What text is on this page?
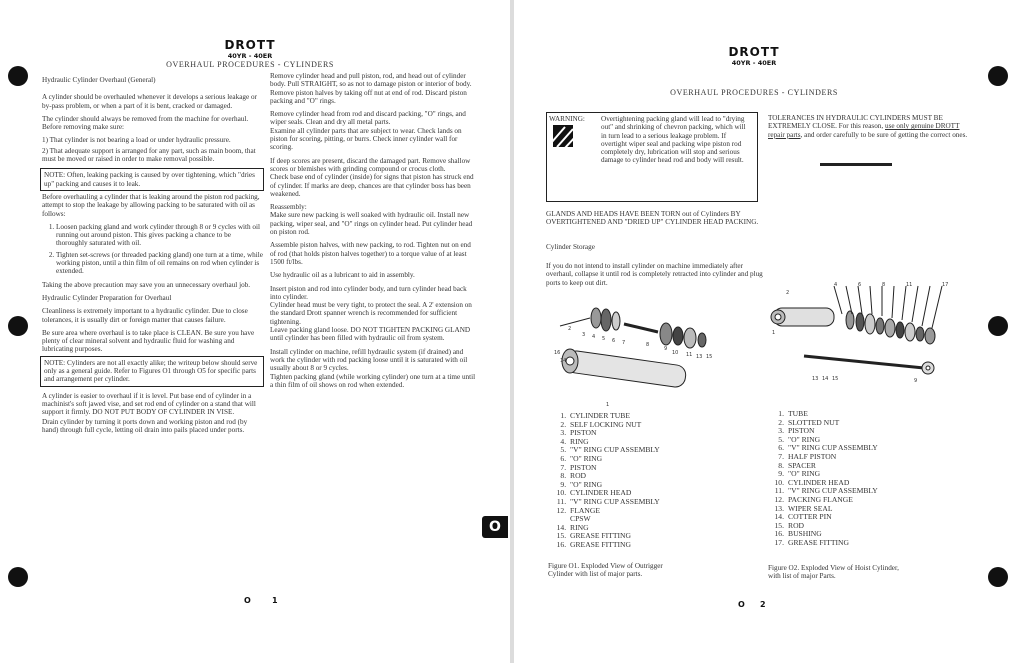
DROTT
40YR - 40ER
OVERHAUL PROCEDURES - CYLINDERS

Hydraulic Cylinder Overhaul (General)

A cylinder should be overhauled whenever it develops a serious leakage or by-pass problem, or when a part of it is bent, cracked or damaged.

The cylinder should always be removed from the machine for overhaul. Before removing make sure:

1) That cylinder is not bearing a load or under hydraulic pressure.

2) That adequate support is arranged for any part, such as main boom, that must be moved or raised in order to make removal possible.

NOTE: Often, leaking packing is caused by over tightening, which "dries up" packing and causes it to leak.

Before overhauling a cylinder that is leaking around the piston rod packing, attempt to stop the leakage by allowing packing to be saturated with oil as follows:

1. Loosen packing gland and work cylinder through 8 or 9 cycles with oil running out around piston. This gives packing a chance to be thoroughly saturated with oil.
2. Tighten set-screws (or threaded packing gland) one turn at a time, while working piston, until a thin film of oil remains on rod when cylinder is extended.

Taking the above precaution may save you an unnecessary overhaul job.

Hydraulic Cylinder Preparation for Overhaul

Cleanliness is extremely important to a hydraulic cylinder. Due to close tolerances, it is usually dirt or foreign matter that causes failure.

Be sure area where overhaul is to take place is CLEAN. Be sure you have plenty of clear mineral solvent and hydraulic fluid for washing and lubricating purposes.

NOTE: Cylinders are not all exactly alike; the writeup below should serve only as a general guide. Refer to Figures O1 through O5 for specific parts and arrangement per cylinder.

A cylinder is easier to overhaul if it is level. Put base end of cylinder in a machinist's soft jawed vise, and set rod end of cylinder on a stand that will support it firmly. DO NOT PUT BODY OF CYLINDER IN VISE.

Drain cylinder by turning it ports down and working piston and rod (by hand) through full cycle, letting oil drain into pails placed under ports.

Remove cylinder head and pull piston, rod, and head out of cylinder body. Pull STRAIGHT, so as not to damage piston or interior of body.

Remove piston halves by taking off nut at end of rod. Discard piston packing and "O" rings.

Remove cylinder head from rod and discard packing, "O" rings, and wiper seals. Clean and dry all metal parts.

Examine all cylinder parts that are subject to wear. Check lands on piston for scoring, pitting, or burrs. Check inner cylinder wall for scoring.

If deep scores are present, discard the damaged part. Remove shallow scores or blemishes with grinding compound or crocus cloth.

Check base end of cylinder (inside) for signs that piston has struck end of cylinder. If marks are deep, chances are that cylinder boss has been weakened.

Reassembly:

Make sure new packing is well soaked with hydraulic oil. Install new packing, wiper seal, and "O" rings on cylinder head. Put cylinder head on piston rod.

Assemble piston halves, with new packing, to rod. Tighten nut on end of rod (that holds piston halves together) to a torque value of at least 1500 ft/lbs.

Use hydraulic oil as a lubricant to aid in assembly.

Insert piston and rod into cylinder body, and turn cylinder head back into cylinder.

Cylinder head must be very tight, to protect the seal. A 2' extension on the standard Drott spanner wrench is recommended for sufficient tightening.

Leave packing gland loose. DO NOT TIGHTEN PACKING GLAND until cylinder has been filled with hydraulic oil from system.

Install cylinder on machine, refill hydraulic system (if drained) and work the cylinder with rod packing loose until it is saturated with oil usually about 8 or 9 cycles.

Tighten packing gland (while working cylinder) one turn at a time until a thin film of oil shows on rod when extended.

O
O	1
DROTT
40YR - 40ER
OVERHAUL PROCEDURES - CYLINDERS
WARNING: Overtightening packing gland will lead to "drying out" and shrinking of chevron packing, which will in turn lead to a serious leakage problem. If overtight wiper seal and packing wipe piston rod completely dry, lubrication will stop and serious damage to cylinder head rod and body will result.
TOLERANCES IN HYDRAULIC CYLINDERS MUST BE EXTREMELY CLOSE. For this reason, use only genuine DROTT repair parts, and order carefully to be sure of getting the correct ones.
GLANDS AND HEADS HAVE BEEN TORN out of Cylinders BY OVERTIGHTENED AND "DRIED UP" CYLINDER HEAD PACKING.
Cylinder Storage
If you do not intend to install cylinder on machine immediately after overhaul, collapse it until rod is completely retracted into cylinder and plug ports to keep out dirt.
2
3 4 5 6 7	8
9
10 11 13 15
16
14
1
2
4	6	8	11	17
13 14 15	9
1
1. CYLINDER TUBE
2. SELF LOCKING NUT
3. PISTON
4. RING
5. "V" RING CUP ASSEMBLY
6. "O" RING
7. PISTON
8. ROD
9. "O" RING
10. CYLINDER HEAD
11. "V" RING CUP ASSEMBLY
12. FLANGE
CPSW
14. RING
15. GREASE FITTING
16. GREASE FITTING
1. TUBE
2. SLOTTED NUT
3. PISTON
5. "O" RING
6. "V" RING CUP ASSEMBLY
7. HALF PISTON
8. SPACER
9. "O" RING
10. CYLINDER HEAD
11. "V" RING CUP ASSEMBLY
12. PACKING FLANGE
13. WIPER SEAL
14. COTTER PIN
15. ROD
16. BUSHING
17. GREASE FITTING
Figure O1. Exploded View of Outrigger Cylinder with list of major parts.
Figure O2. Exploded View of Hoist Cylinder, with list of major Parts.
O 2
